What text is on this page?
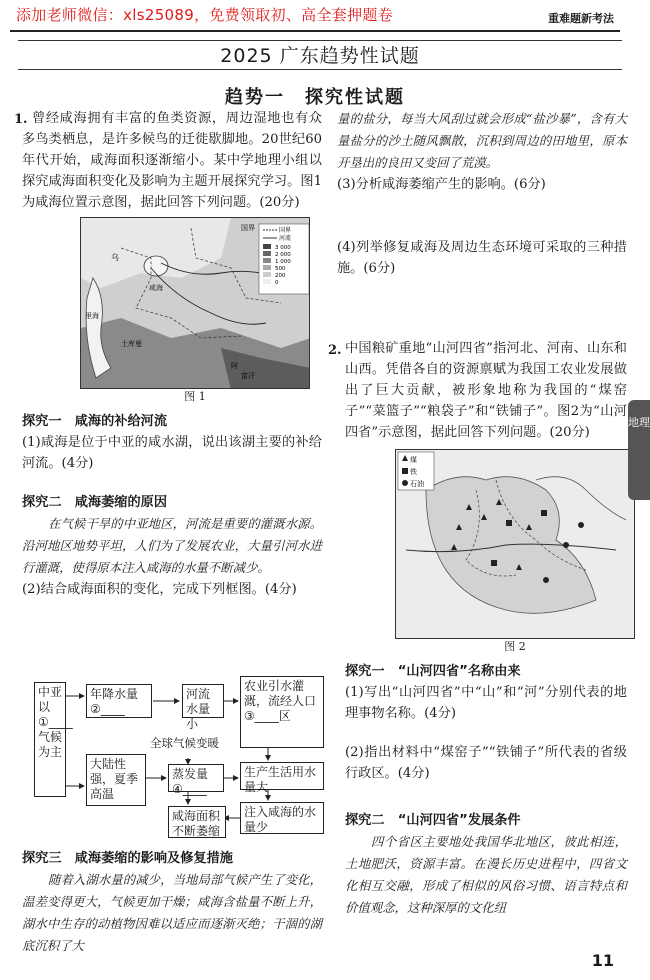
添加老师微信：xls25089，免费领取初、高全套押题卷	重难题新考法
2025 广东趋势性试题
趋势一　探究性试题
1. 曾经咸海拥有丰富的鱼类资源，周边湿地也有众多鸟类栖息，是许多候鸟的迁徙歇脚地。20世纪60年代开始，咸海面积逐渐缩小。某中学地理小组以探究咸海面积变化及影响为主题开展探究学习。图1为咸海位置示意图，据此回答下列问题。(20分)
国界	国界
河流
3 000
2 000
1 000
500
200
0
乌
咸海
里海
阿
富汗
土库曼
图 1
探究一　咸海的补给河流
(1)咸海是位于中亚的咸水湖，说出该湖主要的补给河流。(4分)
探究二　咸海萎缩的原因
在气候干旱的中亚地区，河流是重要的灌溉水源。沿河地区地势平坦，人们为了发展农业，大量引河水进行灌溉，使得原本注入咸海的水量不断减少。
(2)结合咸海面积的变化，完成下列框图。(4分)
中亚以①____气候为主
年降水量②____
河流水量小
农业引水灌溉，流经人口③____区
大陆性强，夏季高温
全球气候变暖
蒸发量④____
生产生活用水量大
咸海面积不断萎缩
注入咸海的水量少
探究三　咸海萎缩的影响及修复措施
随着入湖水量的减少，当地局部气候产生了变化，温差变得更大，气候更加干燥；咸海含盐量不断上升，湖水中生存的动植物因难以适应而逐渐灭绝；干涸的湖底沉积了大
量的盐分，每当大风刮过就会形成“盐沙暴”，含有大量盐分的沙土随风飘散，沉积到周边的田地里，原本开垦出的良田又变回了荒漠。
(3)分析咸海萎缩产生的影响。(6分)
(4)列举修复咸海及周边生态环境可采取的三种措施。(6分)
2. 中国粮矿重地“山河四省”指河北、河南、山东和山西。凭借各自的资源禀赋为我国工农业发展做出了巨大贡献，被形象地称为我国的“煤窑子”“菜篮子”“粮袋子”和“铁铺子”。图2为“山河四省”示意图，据此回答下列问题。(20分)
煤
铁
石油
图 2
探究一　“山河四省”名称由来
(1)写出“山河四省”中“山”和“河”分别代表的地理事物名称。(4分)
(2)指出材料中“煤窑子”“铁铺子”所代表的省级行政区。(4分)
探究二　“山河四省”发展条件
四个省区主要地处我国华北地区，彼此相连，土地肥沃，资源丰富。在漫长历史进程中，四省文化相互交融，形成了相似的风俗习惯、语言特点和价值观念，这种深厚的文化纽
地理
11
